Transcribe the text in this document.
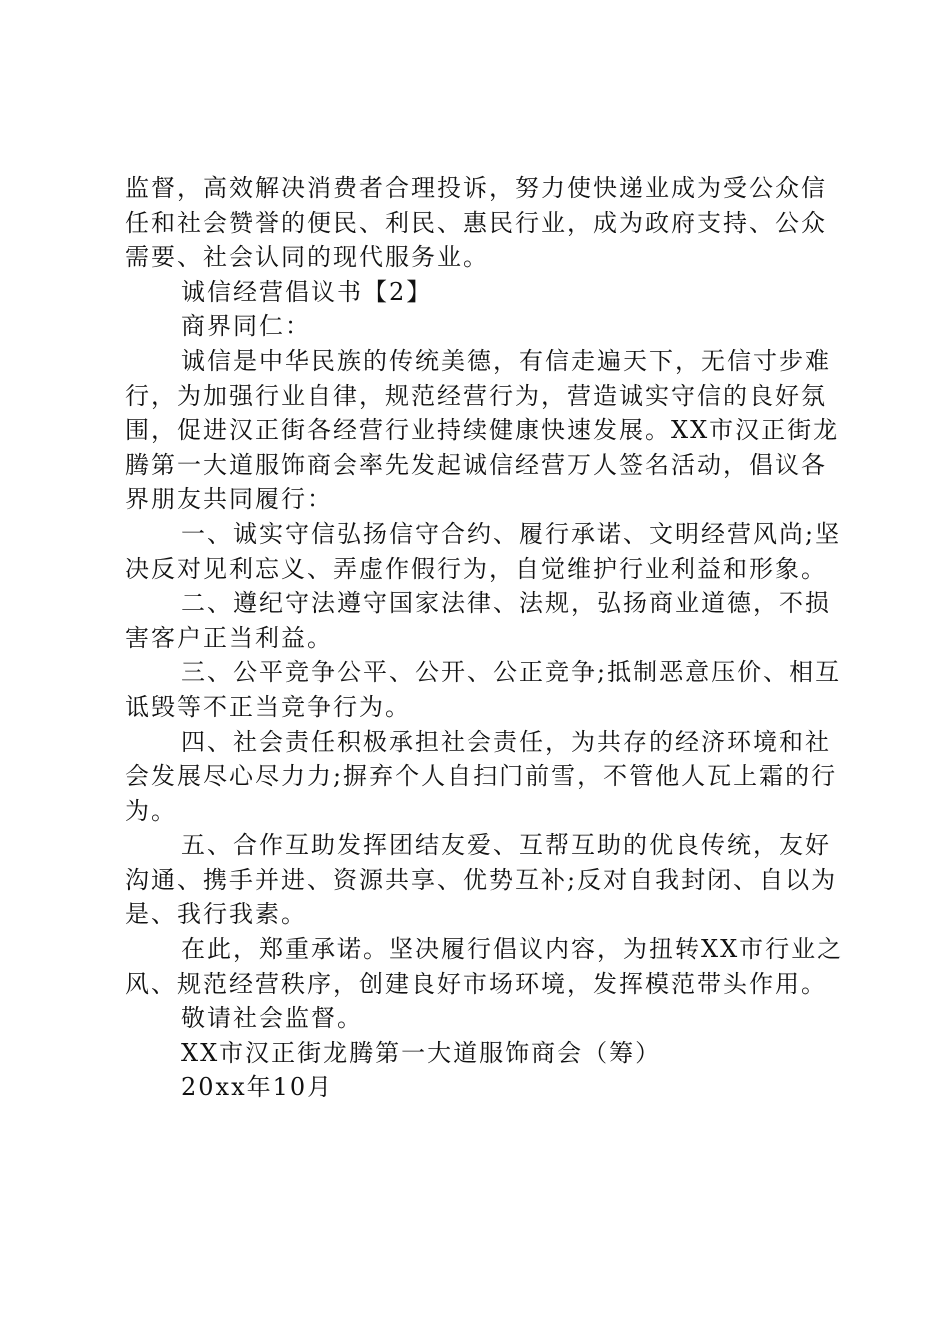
监督，高效解决消费者合理投诉，努力使快递业成为受公众信
任和社会赞誉的便民、利民、惠民行业，成为政府支持、公众
需要、社会认同的现代服务业。
诚信经营倡议书【2】
商界同仁：
诚信是中华民族的传统美德，有信走遍天下，无信寸步难
行，为加强行业自律，规范经营行为，营造诚实守信的良好氛
围，促进汉正街各经营行业持续健康快速发展。XX市汉正街龙
腾第一大道服饰商会率先发起诚信经营万人签名活动，倡议各
界朋友共同履行：
一、诚实守信弘扬信守合约、履行承诺、文明经营风尚;坚
决反对见利忘义、弄虚作假行为，自觉维护行业利益和形象。
二、遵纪守法遵守国家法律、法规，弘扬商业道德，不损
害客户正当利益。
三、公平竞争公平、公开、公正竞争;抵制恶意压价、相互
诋毁等不正当竞争行为。
四、社会责任积极承担社会责任，为共存的经济环境和社
会发展尽心尽力力;摒弃个人自扫门前雪，不管他人瓦上霜的行
为。
五、合作互助发挥团结友爱、互帮互助的优良传统，友好
沟通、携手并进、资源共享、优势互补;反对自我封闭、自以为
是、我行我素。
在此，郑重承诺。坚决履行倡议内容，为扭转XX市行业之
风、规范经营秩序，创建良好市场环境，发挥模范带头作用。
敬请社会监督。
XX市汉正街龙腾第一大道服饰商会（筹）
20xx年10月
